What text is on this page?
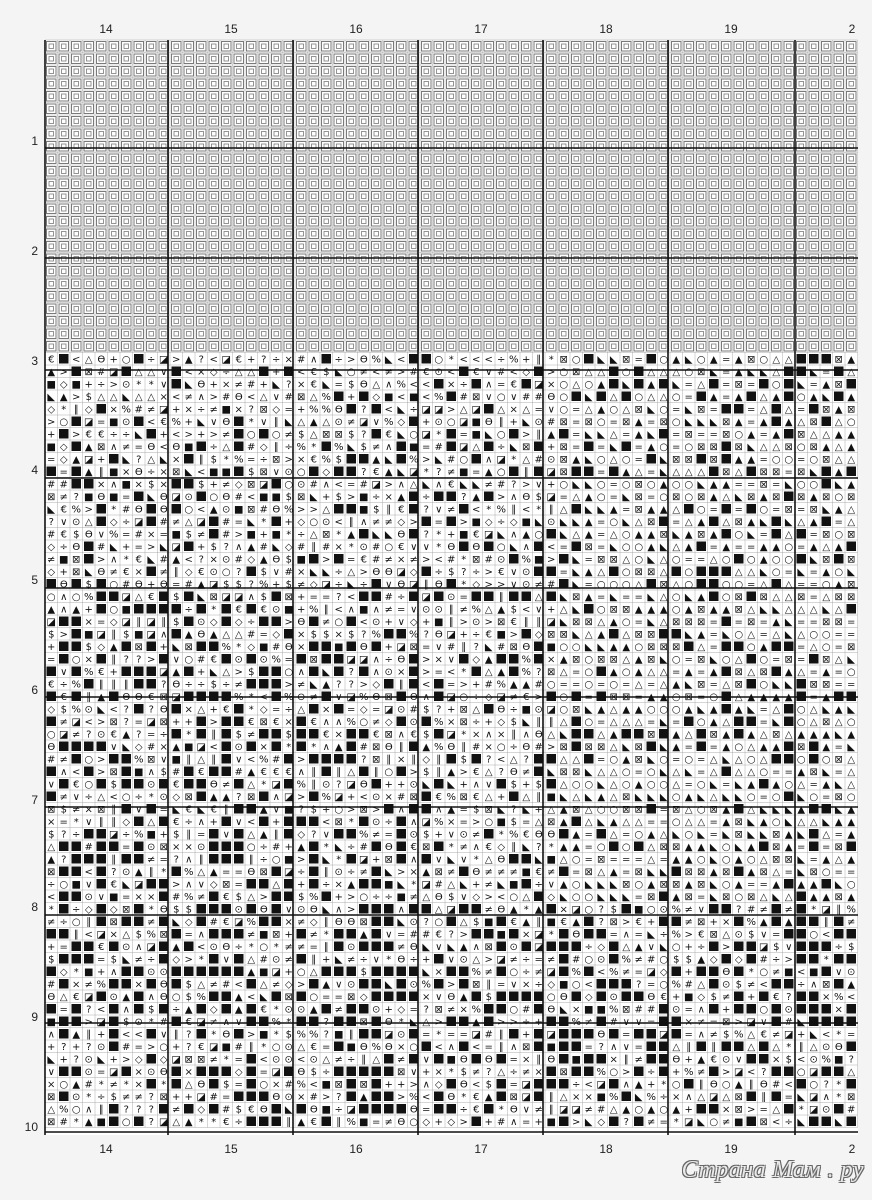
€ < △ Ɵ + ○ ÷ ◪ > ▲ ? < ◪ € + ? ÷ × # ∧ ÷ > Ɵ % ◣ <	○ * < < < ÷ % + ∥ * ⊠ ○ ◣ ◣ ⊠ = ○ ▲ ◣ ○ ▲ = ▲ ⊠ ○ △ △	⊠ ▲
▲ > ⊠ # ◪ △ △ ∨ < × ◇ ÷ △ △ + < € $ ◣ ○ ≠ < ≠ > # € ⊙ < € ∨ # < ◇ > ○ ⊠ △ △ ○ △ △ △ ○ ⊠ ◣ = ▲ ◣ ◣ △	◣ = △
■ ◇ ■ + ÷ > ⊙ * * ∨ ◣ Ɵ + × ≠ # + ◣ ? × € ◣ = $ Ɵ △ ∧ % < < × ÷ ∧ = € ◪ × ○ △ ○ ▲ ◣ ▲ ◣ = △ = ⊠ = ○ ◣ = ▲ ⊠
◣ ▲ > $ △ △ ◣ △ △ × < ≠ ∧ > # Ɵ < △ ∨ # ⊠ △ % + ◇ ■ < ■ < % # ⊠ ∨ ○ ∨ # # Ɵ ○ ◣ △ ○ △ △ ○ = ▲ = ▲ △ ▲ ○ ▲ ◣ ▲
◇ * ∥ ◇ × % # ≠ ◪ + × ÷ ≠ ■ × ? ⊠ ◇ = + % % Ɵ ? < ◣ ÷ ◪ ◪ > △ ◪ △ × △ = ∨ ○ = △ ▲ ○ △ ⊠ ◣ ○ = ◣ ⊠ =	= △ △ = ⊠ ▲ ⊠
> ○ ◪ = ■ ⊙ < € % + ◣ ∨ Ɵ * ∨ ∥ ◣ △ ▲ △ ⊙ ≠ ◪ ∨ % ◇ + ⊙ ○ ◪ ■ Ɵ ∥ + ◣ ⊙ # ⊠ = ⊠ ○ = ⊠ ▲ = ⊠ ○ ◣ ◣ ◣ ⊠ ▲ = ▲ ▲ △ ⊠ △ ○
+ > € € ÷ ÷ ◣ + < > + > ≠ ○ ○ ≠ $ △ ⊠ ⊠ $ ? € ◣ ○ ◪ * = ■ ◣ ○ > ∥ ▲ = ◣ ◣ △ = ▲ ◣ = ⊠ = = ⊠ ○ ▲ = ▲ ⊠ △ △ ▲ ▲
■ ◇ ▲ ⊠ ∧ ≠ = Ɵ < Ɵ ■ ÷ △ # ◇ ∥ ÷ % * % ◣ $ ≠ ∧ ■ = # ◪ △ ÷ ◣ ⊠ + ⊠ = = ◣ = ▲ ○ = ○ ⊠ ⊠ ⊠ ◣ △ △ ⊠ ○ ⊠ ▲ △ ▲
= ◇ ▲ ◪ + ◣ ? △ ◣ × ∥ $ * % = ÷ ⊠ > × € % $	▲ ◣ % > ◣ # ○ ∧ ◪ * △ # ⊙ ⊠ ▲ ◣ ○ △ ○ = ◣ ⊠ ⊠ ⊠ ▲ ▲ = ○ ○ = ○ ⊠ △ △
= ▲ ∥ ■ × Ɵ ÷ × ⊠ ◣ < ■ ■ $ ⊠ ∨ ⊙ ○ ◇	? € ▲ ◣ ◪ * ? ≠ ■ = ▲ ○ ∥ ◪ ⊠	= ▲ △ = ◣ △ △ △ ⊠ △ ⊠ ⊠ = ⊠ ◣ ▲
# #	× ∧ ■ × $ ×	$ + ≠ ◇ ⊠ ◪ ○ ⊙ # ∧ < = # ◪ > ∧ △ ◣ ∧ € ◣ ◣ ≠ # ? > ∨ + ○ ◣ ◣ ○ = ○ ⊠ ○ ▲ ○ ○ ◣ ▲ ▲ = = ⊠ = ◣ ○ ○ ◣ ▲
⊠ ≠ ? ■ Ɵ ■ = ◣ Ɵ ◪ ⊙ ○ Ɵ # < ■ ■ $ ⊠ ◣ + $ > ■ ÷ × ▲ ÷	? ▲ > ∧ Ɵ $ ◪ = △ ▲ ○ = ◣ ⊠ = ○ ⊠ ○ ⊠ ▲ △ ◣ ⊠ ▲ ⊠ ⊠ ▲ ⊠ ○ ⊠
◣ € % > * # Ɵ Ɵ ○ < ▲ ⊙ ■ ⊠ # Ɵ % > > △	■ $ ∥ € ? ∨ ≠ < * % ∥ < * ∥ △ ◣ ◣ ▲ = ⊠ ▲ ▲ △ ○ = = ○ = ⊠ = ⊠ ◣ ▲ △
? ∨ ⊙ △ ◇ ÷ ◪ # ≠ △ ◪ # = ◣ * + ◇ ○ ⊙ < ∥ ∧ ≠ ≠ ◇ > = > ■ ◇ ÷ ◇ ■ ◣ ⊙ ◣ ◣ ▲ = ○ ◣ △ ⊠ = △ ▲ △ ⊠ ▲ ◣ ◣ △ ▲ = △
# € $ Ɵ ∨ % = # × = ■ $ ≠ # > ■ + ■ * ÷ △ ⊠ * ▲ ◣ ◣ Ɵ ? * + ■ € ◪ ◣ ∧ ▲ ○ ◣ △ ▲ = △ ○ ▲ ▲ ⊠ ◣ ▲ ⊠ ▲ ○ ◣ = △ = ⊠ ○ ⊠
◇ ÷ Ɵ # ◣ + = > ◣ ◪ + $ ? ∧ ▲ # ◣ ◇ # ∥ # × * ⊙ # ○ € ∨ ∨ * Ɵ Ɵ ○ ◣ ∧ < = ⊠ = ◣ ○ ○ ▲ ◣ △ ▲ = ▲ = = ▲ ▲ ○ = ▲ △ ▲
≠ ■ ⊠ > ∧ * € ◣ # ▲ < ? × ⊙ # ◇ ▲ Ɵ $ ■ > = € # ≠ × ≠ > < # * ⊠ # ⊙ % ■ > ◣ = ⊠ ⊠ △ ○ ◣ △ ○ = = △ ○ ○ ▲ ○ ○ ◣ ⊠ ⊠
◇ + ⊠ ◣ Ɵ ≠ € × ≠ ∥ ◇ € ⊙ ○ ? $ ∨ # × ◣ ◣ ÷ △ > Ɵ Ɵ ◪ ◇ ÷ $ ? ÷ > € ∨ ⊙	= ◣ ▲ △ ○ ⊠ ⊠ △ ○	△ △ ◣ ○ = ◣ = ▲ ○ ◣
Ɵ $ ○ # Ɵ + Ɵ = # ▲ ◪ $ $ ? % + $ ≠ ◇ ◪ ÷ ◣ ÷ ∨ Ɵ ◪ ∥ Ɵ * ◇ > > ∨ ⊙ ≠ # ◣ = ○ ○ ○ △ ⊠ △ ○	○ ○ = △ △ = = ○ ▲ ⊠
○ ∧ ○ %	◪ △ € $ ◣ ⊠ ◪ ◪ ∧ $ ⊠ + = = ? <	# ÷ ◪ ⊙ =	∥	△ ◣ ⊠ ▲ = ◣ = = ◣ △ ○ ◣ ▲ ○ ⊠ ⊠ △ △ ⊠ = △ ⊠ ⊠
▲ ∧ ▲ + ○ ■	÷ * € € ⊙ ■ + % ∥ < ∧ ■ ∧ ≠ = ∨ ⊙ ⊙ ∥ ≠ % △ ▲ $ < ∨ + △ ◣ ○ ⊠ ⊠ ▲ ▲ ▲ ○ ▲ ⊠ ▲ ▲ ⊠ △ ◣ ◣ △ △ △ ◣ △
◪	× = ◇ ◪ ∥ ◪ ∥ $ ⊙ ◇ ◇ ÷	> Ɵ ≠ ○ < ⊙ + ∨ ◇ + ■ ∥ > ⊙ > ⊠ € ∥ ∥ ◪ ◣ ⊠ ⊠ △ ▲ ○ = ◣ △ ⊠ ⊠ ⊠ = = ⊠ = ▲ ◣ = = ⊠ ⊠ =
$ > ■ ◪ ∥ $ ■ ◪ ∧ ▲ Ɵ ▲ △ △ # = ◇ × $ $ × $ ? %	% ? Ɵ ◪ + ÷ € ■ > ◇ ⊠ ⊠ ◣ △ ▲ △ ⊠ ⊠	◣ ▲ = ◣ ○ △ = △ ◣ △ ○ ○ = =
+	$ ◇ ▲ ⊠ + ◣ ⊠	% * ◇ ■ # Ɵ ×	■ Ɵ + ◪ ⊠ = ∨ # ∥ ? ◣ # ⊠ Ɵ ■ ○ ○ ◣ ◣ ▲ ▲ ○ ⊠ ⊠ ⊠ △ =	○ ▲	= △ ○ = ⊠
= ○ × ∥ ? ? > ∨ ○ # € ⊙ ⊙ % = ⊠	◪ ◪ ∧ ÷ Ɵ > × ∨ ◇ ▲	% × ▲ ⊠ ○ ⊠ ⊠ △ ▲ ⊠ ◣ ○ = ⊠ ◣ ○ △ ○ = ⊠ = ⊠ △ ◣
∨ % € +	◪ ▲ + ◣ △ > $	○ ∧ ◣ ? ∧ ⊙ × > = < * △ ▲ % ? ⊠ △ = ○ ▲ ○ ▲ △ △ = ▲ = ▲ ⊠ △ ⊠ ▲ △ = ▲ = ○
€ ÷ % ∥ ∥ ∥	? Ɵ ÷ ÷ $ ÷ ≠	> ≠ ◣ ▲ ? ? > ◇ ∥ < = > + # % ▲ ▲ # ○ = = ○ = ○ = △ = △ ▲ ◣ ⊠ = △ ⊠ ○ ◣ ◣ ⊠ ⊠ = =
◇ $ % ⊙ ◣ < ? ? Ɵ × △ + € * ◇ = ÷ △ × = ◇ = ◪ ⊙ # $ ? + ⊠ △ Ɵ ÷ ■ ⊙ ◪ ○ ⊠ ◣ ▲ △ ▲ ▲ ○ ○ ○ ▲ ◣ ▲ ▲ ◣ = △ ○ △ ◣ ▲ ◣
≠ ◪ < > ⊠ ? = ◪ ⊠ + + >	€ ⊠ € × € ∧ ∧ % ○ ≠ ◇ ⊙ % × ⊠ ÷ + ◇ $ ◣ ∥ ∥ △ ○ = △ △ △ = ◣ = ○ ▲ △	= ◣ ○ △ ⊠ △ ○
○ ◪ ≠ ? ⊙ € ▲ ? = ÷ * ∥ $ ≠	$	€ ×	€ ⊠ ∧ € $ ◪ * × ∧ × ∥ ∧ Ɵ △ ◣	△ ▲	⊠ ▲ △ ⊠ ▲ ▲ △ ⊠ △ ▲ ▲ ▲ ◣ ▲
Ɵ	∨ ◣ ◇ # × ▲ ■ ◪ < ⊙ × * * ∧ ▲ # ⊠ Ɵ ∥ ▲ % Ɵ ∥ # × ○ ÷ Ɵ # > ⊠ ⊠ ⊠ △ ◣ ⊠ ◣ ▲ = = ▲ ○ △ ▲ ▲ ⊠ ▲ = ◣
# ≠ ○ >	% ⊠ ∨ ■ ∥ △ ∥ ∨ < % # >	? ⊠ ∥ × ∥ ◇ ∥ $ ? < △ ?	△ △ = ○ ▲ ⊠ ◣ ○ = ○ = △ ◣ △ ○ △	○ ○ ⊠ △
∧ < > ⊠ ■ ∧ $ # €	# ▲ € € € ∧ ∥ ∥ △ ∥ ○ > $ ∥ ▲ > € △ ? Ɵ ≠ ◣ ⊠ ⊠ ◣ △ △ ○ = ○ ◣ △ ◣ = △ △ △ ○ = = ▲ ⊠ ◣ = △
∨ € ○ $	⊙ €	Ɵ ≠ △ * ◪ % ∥ ⊙ ? ◪ Ɵ + + ⊙ ◣ ◣ + ∧ ∨ $ + $ △ ○ ○ ◣ △ ○ ▲ ○ ○ △ = ○ ◣ = ◣ ▲ ▲ ○ △ = ▲ ◣ △
≠ ∨ ÷ △ < ○ ÷ * ⊙ ◇ ⊠ ▲ ▲ ? ⊠ ∧ ◪ > % ◪ + < ⊙ × # ⊠ € % ⊠ € △ + △ ∥ ■ ◣ △ ◣ ▲ △ ⊠ ◣ ◣ ◣ ○ ▲ ◣ △ ◣ ◣ ○ = ○ ◣ ○ = ⊠ ○
⊠ $ ≠ × ⊠ ∥ ∨ = ◣ € ◣ € ∥	▲ ∨ ■ ? $ + ○ > ⊠ > ∧	∧ ▲ = $ ⊠ ◣ ? ◣ + △ ▲ ⊠ △ ○ ○ ⊠ ⊠ = ⊠ △ ○ ⊠ ▲ △ ◣ ◣ ◣ ▲	◣ ▲
× = * ∨ ∥ ∥ ◇ △ € ÷ ∧ + ∨ < +	< ⊠ * ⊙ ÷ ∧ ◪ % × = > ○ ■ $ = △ ⊠ ▲ △ ◣ ▲ △ △ = = ○ △ △ = ▲ ⊠ ◣ ▲ ○ ◣ △ △ ◣ ▲ ▲
$ ? ÷	◪ ÷ % ■ + $ ∥ = ∨ △ ▲ ∥ ◇ ? ∨	% ≠ = ⊙ $ + ∨ ⊙ ≠ * % € Ɵ Ɵ ▲ = △ = ○ ▲ △ ◣ ○ ◣ = ◣ ⊠ ◣ ◣ ⊠ ▲ ◣ △ = ▲
△	#	= ⊙ ⊠ × × ⊙	○ ÷ # + ▲ * ◣ ÷ # Ɵ € ⊠ * ≠ ∧ € ◇ ∥ ◣ ? * ▲ ▲ = ○ ○ △ ⊠ ⊠ ▲ ▲ ◣ ○ ◣ ▲ ⊠ ▲ = = ⊠
▲ ?	∥	≠ = ? ∧ ∥	∥ ÷ ○ ■ > ◣ * ◪ + ⊠ ∧ ∨ ◣ ∨ * △ Ɵ	◣ ■ △ ○ = ⊠ = = = △ = ▲ ▲ ○ ◣ ○ ▲ ○ △ ⊠ ⊠ ◣ = ▲ △ ▲
⊠	< ? ⊙ ▲ ∥ * % △ ▲ = = Ɵ ⊠ ◪ ÷ ∥ ⊙ ÷ ≠ ◣ > × ▲ ⊠ ≠ Ɵ ≠ ≠ ≠ ■ € ≠ = ⊠ △ ▲ = ⊠ ◣ ◣ ⊠ ⊠ ▲ ⊠ ▲ ⊠ △ = ◣ ⊠ ○ = =
÷ ○ ■ ∨ € ◣ ◪	> ∧ ∨ ◇ ⊠ =	△ + ÷ × ▲	■ ◣ * ◪ # △ ◣ + ≠ ◣ ■ ÷ ∨ ▲ ○ ◣ ◣ ◣ ⊠ ○ ▲ ⊠ ⊠ ▲ ⊠ ◣ ○ ▲ = = ▲ ▲ ▲ ◣ ○
<	⊙ ∨ ■ = × × # % ≠ € $ △ >	$ % + > ○ ÷ ÷ ■ ≠ △ Ɵ $ ∨ ◇ > < ○ △ ◇ ◣ ○ ○ ◣ ◣ ◣ = ⊠ ▲ ⊠ = ◣ ⊠ ○ ⊠ △ ◣ △ ▲ ▲ ⊠ ▲
* ÷ ◇ ◇ ⊠ * Ɵ $ $	⊙ Ɵ ∨ ⊙ Ɵ ◣ ∧ >	∧	△ ◪	≠ Ɵ ▲ * ▲ × ◪ ○ ? $ ■ ○ ⊙ % ≠ ∨	? # ≠ ≠ * ◪ ∥ %
≠ ÷ ○ ∥ ⊠	≠ ◣ ◇ # € ◪ %	× ≠ ◇ ∥ Ɵ Ɵ ⊠	◣ ⊙ ? ○ △ $ ■ € ▲ ∥ ■ € ▲ ? ⊠ > € +	≠ ⊠ + × % ▲ ▲	∥ ≠
∥ < ◪ × △ $ % ⊠ = ∧	≠ ■ ⊠ + ≠ *	▲ ∨ = # # € ? >	■ × ◪ * Ɵ	= ∧ = ◣ ÷ % > € ⊠ △ ⊙ $ ∨ =	○ <
+ =	€ ⊙ ∧ ◪ ▲ < ⊙ Ɵ ÷ * ○ * ≠ ≠ = ∥ ⊙	≠ Ɵ ◣ ∨ ◣ ▲ ∧ ⊠ ⊙ ◪	÷ ◇ △ ▲ ∨ ◣ ○ + ÷ >	◪ $ ∨	÷ $
$	= $ ◣ ≠ ÷ ◇ > * ∨ △ # ⊙ ≠ ∥ + ◣ ≠ ÷ ∨ * Ɵ ÷ + ∨ ⊙ △ > ◪ ≠ ÷ = ≠ # ○ ⊙ % ≠ # ○ $ $ ▲ ◇ ◇ # ÷ >	*
◇ * ■ + ∧	⊙ ⊙	▲ ■ ◪ + ○ △	$	◣ ×	% ≠ ○ ÷ ≠ ◪ % < % ≠ = ◪ ◇ +	Ɵ * ○ ≠ ■ < ■ ∨ ⊙
# × ≠ %	× Ɵ $ △ ≠ # < △ ≠ ◇ > ▲ ∨ ⊙	◣ ⊙ % > ⊠ ∥ = ∨ × ÷ ◇ ■ ○ <	? = ○ % # △ ⊙ $ ≠ <	÷ ∧ ⊠ ▲
Ɵ △ € ◪ ⊙ ▲ ∧ Ɵ ○ $ %	▲ < ◣ ⊠ ○ = = ⊠ ◇	× ∨ Ɵ ▲ $	○ Ɵ ◇ ⊙	Ɵ € + ■ ◇ $ ≠ + € ?	× % <
= ? < ∧ $ ÷ ▲ ◇ ▲ € * ⊙ ⊙ ▲ ≠	⊙ + ◇ = ? ⊠ ≠ × %	○ # Ɵ ◣ × ■ ■ % ⊠ # # ⊙ = ∧ +	○ ⊙	×
∧ ▲ ∥ + < < ∨ ∥ ? * Ɵ > ■ * $ % % ? ■ ∥	◪ ⊙ = * = = ◪ # ∥ + ◪	Ɵ =	◪ = ∧ ≠ $ % △ € ≠ ◪ + ◣ < * =
+ ? + ? ⊙ # = > ○ + ? € ◪ ■ # ∥ * ○ ⊙ △ € = ■ Ɵ % Ɵ × ○ < ∧ < = ∥ ∧ ⊠ ■	= ? ∧ ∨ =	△ ∥ ∥	△ △ * ∥ △ ⊙ Ɵ
◣ + ? ⊙ ◣ + > ◇ ◇ ◪ ⊠ ⊠ ≠ * = < ⊙ ⊙ < ⊙ △ ≠ ÷ ∥ △ ≠ ∨ ■ Ɵ Ɵ = × ∥ Ɵ ■	× ∥ ≠	Ɵ + ▲ € ⊙ ∨	× $ < ⊙ % ■ ?
∨	⊙ = ◪ × ⊙ Ɵ ×	◇ = ◪ Ɵ $ ÷	⊠ ∨ + × * $ ≠ ? △ ÷ ≠ × ⊠	% ○ > ÷ + % ≠ > ◪ < ?	○ ◪	△
× ○ ▲ # * ≠ * × * △ Ɵ $ = ○ × # % < ■ ⊠ ⊠ + + > ∧ ◇ Ɵ < $ = ◪	÷ < ◪ ∧ ▲ + * ○ ∥ Ɵ ○ ▲ ∥ Ɵ # < ○ ? *
⊠ ⊙ * ÷ $ ≠ ≠ ? ⊠ + + ◪ # =	Ɵ ⊙ × # > ? ▲	> % < Ɵ * € ▲ ⊠ ◪ ∥ △ × × ■ % ◣ % ÷ × ∧ △ ◪ △ ⊠ ∥ = ◣ ◪ ∧ * ⊠
△ % ○ ∧ ∥ ? ? ? ≠ ◇ # $ € Ɵ ◣ Ɵ ■ ÷ ◪	Ɵ =	÷ € * Ɵ ∨ ≠ ∥ ◪ ◪ ≠ # △ ▲ ○ ▲ ○ ▲ +	× ⊠ > = △ * ◪ ⊙ #
⊠ # * ▲ ■ ○ ? ◪ △ ▲ * * € ÷	∥ ▲ € ∥ % ■ = ≠ Ɵ ○ ◇ + ◇ > + # ∧ = + ■ > ◣ ◇ ? ≠ = * ◪ ◣ ○ ≠ ■ ⊠ < ÷ ◣	◣
14	15	16	17	18	19	2
14	15	16	17	18	19	2
1
2
3
4
5
6
7
8
9
10
Страна Мам . ру
